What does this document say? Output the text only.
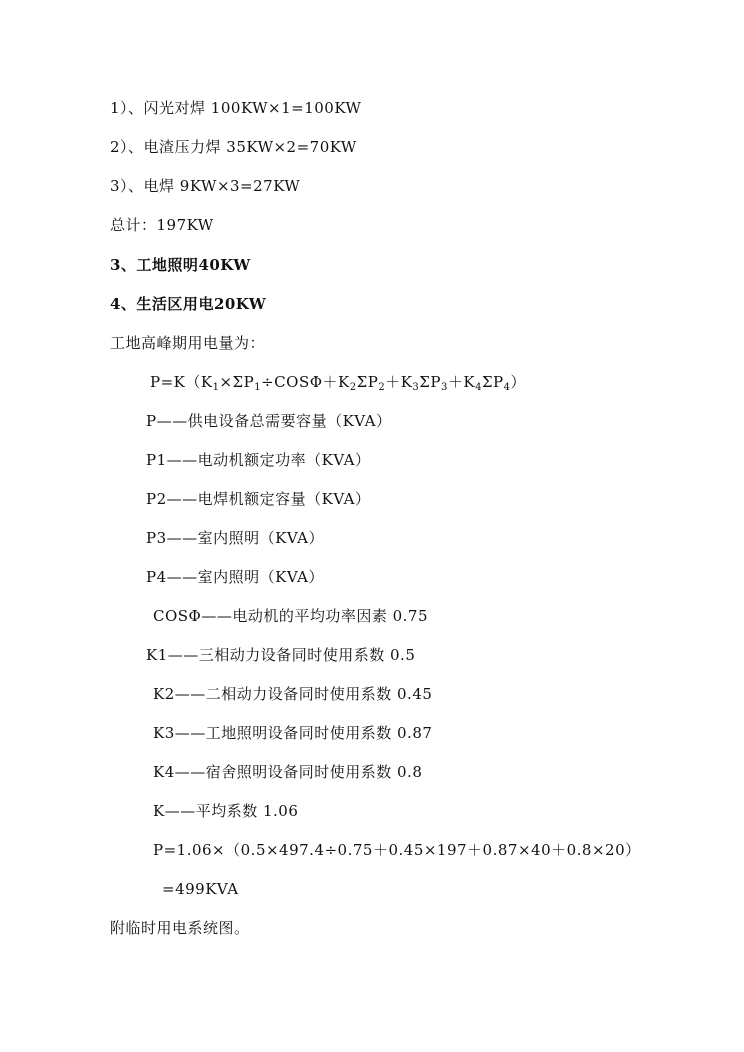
1）、闪光对焊 100KW×1=100KW
2）、电渣压力焊 35KW×2=70KW
3）、电焊 9KW×3=27KW
总计：197KW
3、工地照明40KW
4、生活区用电20KW
工地高峰期用电量为：
$P=K(K_1\times\Sigma P_1\div COS\Phi+K_2\Sigma P_2+K_3\Sigma P_3+K_4\Sigma P_4)$
P——供电设备总需要容量（KVA）
P1——电动机额定功率（KVA）
P2——电焊机额定容量（KVA）
P3——室内照明（KVA）
P4——室内照明（KVA）
COSΦ——电动机的平均功率因素 0.75
K1——三相动力设备同时使用系数 0.5
K2——二相动力设备同时使用系数 0.45
K3——工地照明设备同时使用系数 0.87
K4——宿舍照明设备同时使用系数 0.8
K——平均系数 1.06
P=1.06×（0.5×497.4÷0.75＋0.45×197＋0.87×40＋0.8×20）
=499KVA
附临时用电系统图。
